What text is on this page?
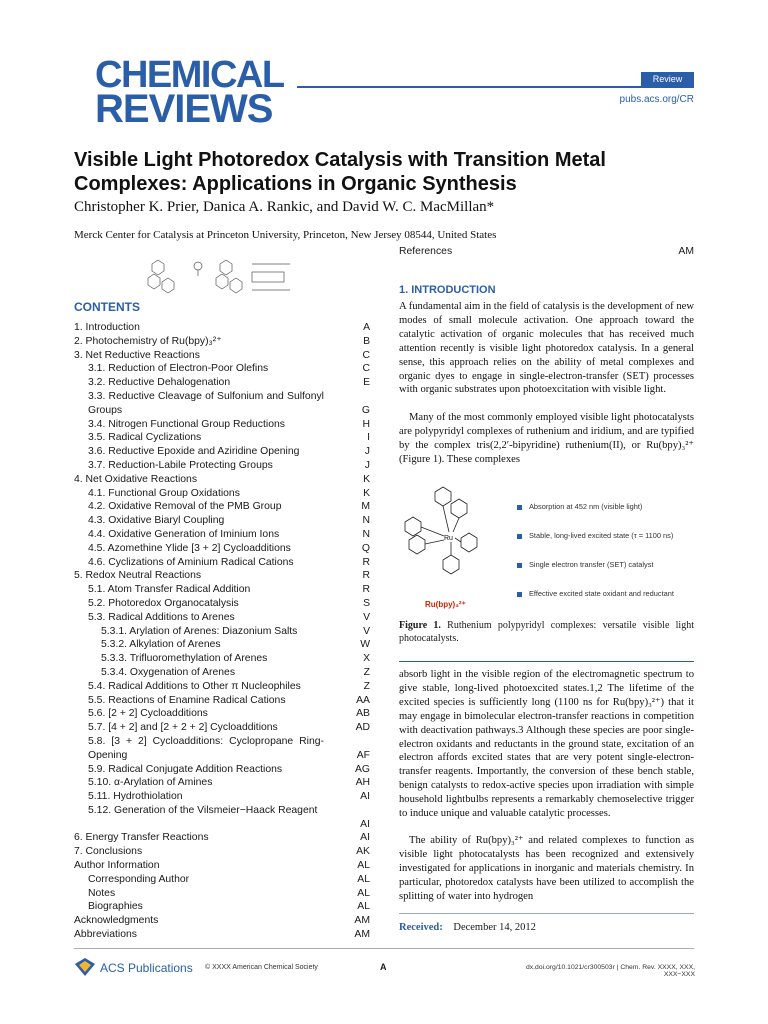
CHEMICAL
REVIEWS
Review
pubs.acs.org/CR
Visible Light Photoredox Catalysis with Transition Metal Complexes: Applications in Organic Synthesis
Christopher K. Prier, Danica A. Rankic, and David W. C. MacMillan*
Merck Center for Catalysis at Princeton University, Princeton, New Jersey 08544, United States
CONTENTS
1. Introduction	A
2. Photochemistry of Ru(bpy)₃²⁺	B
3. Net Reductive Reactions	C
3.1. Reduction of Electron-Poor Olefins	C
3.2. Reductive Dehalogenation	E
3.3. Reductive Cleavage of Sulfonium and Sulfonyl Groups	G
3.4. Nitrogen Functional Group Reductions	H
3.5. Radical Cyclizations	I
3.6. Reductive Epoxide and Aziridine Opening	J
3.7. Reduction-Labile Protecting Groups	J
4. Net Oxidative Reactions	K
4.1. Functional Group Oxidations	K
4.2. Oxidative Removal of the PMB Group	M
4.3. Oxidative Biaryl Coupling	N
4.4. Oxidative Generation of Iminium Ions	N
4.5. Azomethine Ylide [3 + 2] Cycloadditions	Q
4.6. Cyclizations of Aminium Radical Cations	R
5. Redox Neutral Reactions	R
5.1. Atom Transfer Radical Addition	R
5.2. Photoredox Organocatalysis	S
5.3. Radical Additions to Arenes	V
5.3.1. Arylation of Arenes: Diazonium Salts	V
5.3.2. Alkylation of Arenes	W
5.3.3. Trifluoromethylation of Arenes	X
5.3.4. Oxygenation of Arenes	Z
5.4. Radical Additions to Other π Nucleophiles	Z
5.5. Reactions of Enamine Radical Cations	AA
5.6. [2 + 2] Cycloadditions	AB
5.7. [4 + 2] and [2 + 2 + 2] Cycloadditions	AD
5.8. [3 + 2] Cycloadditions: Cyclopropane Ring-Opening	AF
5.9. Radical Conjugate Addition Reactions	AG
5.10. α-Arylation of Amines	AH
5.11. Hydrothiolation	AI
5.12. Generation of the Vilsmeier−Haack Reagent
AI
6. Energy Transfer Reactions	AI
7. Conclusions	AK
Author Information	AL
Corresponding Author	AL
Notes	AL
Biographies	AL
Acknowledgments	AM
Abbreviations	AM
References	AM
1. INTRODUCTION
A fundamental aim in the field of catalysis is the development of new modes of small molecule activation. One approach toward the catalytic activation of organic molecules that has received much attention recently is visible light photoredox catalysis. In a general sense, this approach relies on the ability of metal complexes and organic dyes to engage in single-electron-transfer (SET) processes with organic substrates upon photoexcitation with visible light.
Many of the most commonly employed visible light photocatalysts are polypyridyl complexes of ruthenium and iridium, and are typified by the complex tris(2,2′-bipyridine) ruthenium(II), or Ru(bpy)₃²⁺ (Figure 1). These complexes
Ru
Ru(bpy)₃²⁺
Absorption at 452 nm (visible light)
Stable, long-lived excited state (τ = 1100 ns)
Single electron transfer (SET) catalyst
Effective excited state oxidant and reductant
Figure 1. Ruthenium polypyridyl complexes: versatile visible light photocatalysts.
absorb light in the visible region of the electromagnetic spectrum to give stable, long-lived photoexcited states.1,2 The lifetime of the excited species is sufficiently long (1100 ns for Ru(bpy)₃²⁺) that it may engage in bimolecular electron-transfer reactions in competition with deactivation pathways.3 Although these species are poor single-electron oxidants and reductants in the ground state, excitation of an electron affords excited states that are very potent single-electron-transfer reagents. Importantly, the conversion of these bench stable, benign catalysts to redox-active species upon irradiation with simple household lightbulbs represents a remarkably chemoselective trigger to induce unique and valuable catalytic processes.
The ability of Ru(bpy)₃²⁺ and related complexes to function as visible light photocatalysts has been recognized and extensively investigated for applications in inorganic and materials chemistry. In particular, photoredox catalysts have been utilized to accomplish the splitting of water into hydrogen
Received: December 14, 2012
ACS Publications © XXXX American Chemical Society	A	dx.doi.org/10.1021/cr300503r | Chem. Rev. XXXX, XXX, XXX−XXX
